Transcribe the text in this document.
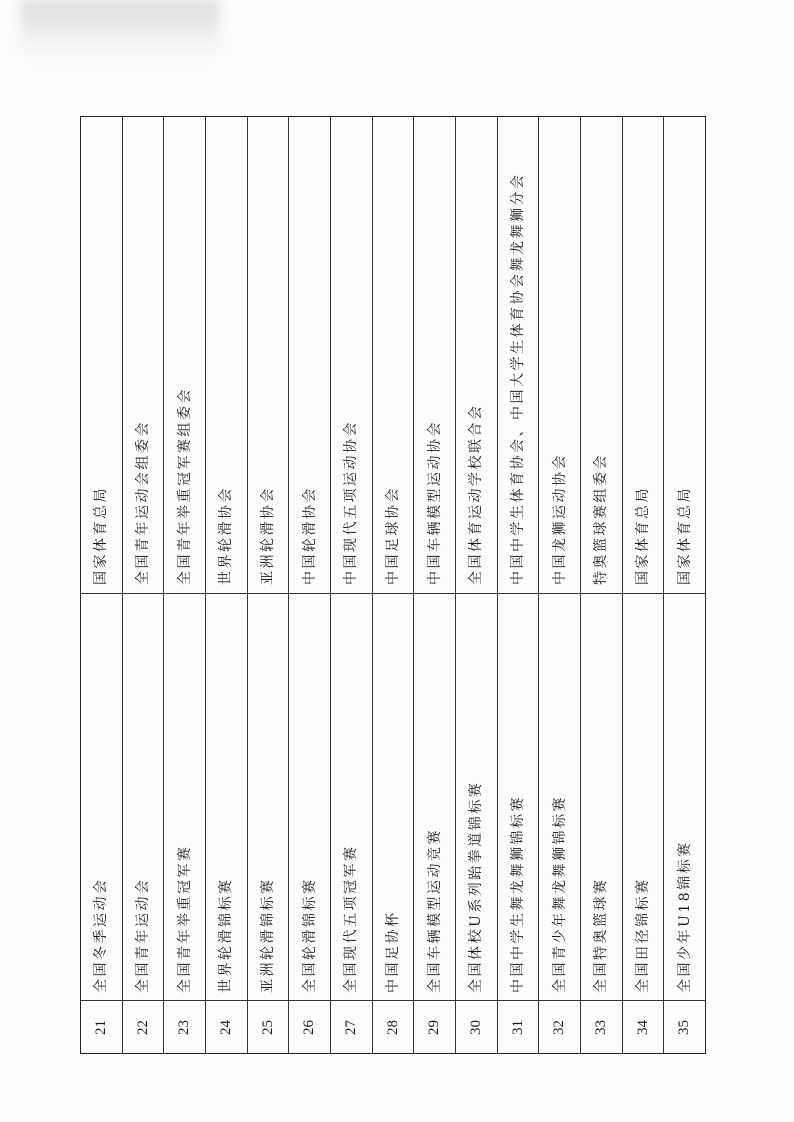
国家体育总局
全国冬季运动会
21
全国青年运动会组委会
全国青年运动会
22
全国青年举重冠军赛组委会
全国青年举重冠军赛
23
世界轮滑协会
世界轮滑锦标赛
24
亚洲轮滑协会
亚洲轮滑锦标赛
25
中国轮滑协会
全国轮滑锦标赛
26
中国现代五项运动协会
全国现代五项冠军赛
27
中国足球协会
中国足协杯
28
中国车辆模型运动协会
全国车辆模型运动竞赛
29
全国体育运动学校联合会
全国体校U系列跆拳道锦标赛
30
中国中学生体育协会、中国大学生体育协会舞龙舞狮分会
中国中学生舞龙舞狮锦标赛
31
中国龙狮运动协会
全国青少年舞龙舞狮锦标赛
32
特奥篮球赛组委会
全国特奥篮球赛
33
国家体育总局
全国田径锦标赛
34
国家体育总局
全国少年U18锦标赛
35
